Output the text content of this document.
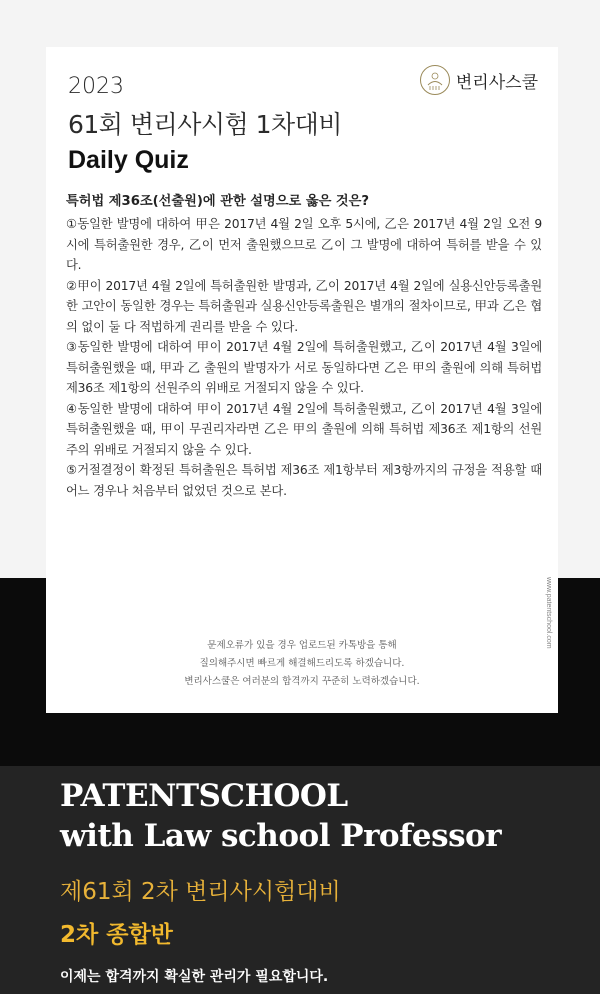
2023
61회 변리사시험 1차대비
Daily Quiz
변리사스쿨
특허법 제36조(선출원)에 관한 설명으로 옳은 것은?

①동일한 발명에 대하여 甲은 2017년 4월 2일 오후 5시에, 乙은 2017년 4월 2일 오전 9시에 특허출원한 경우, 乙이 먼저 출원했으므로 乙이 그 발명에 대하여 특허를 받을 수 있다.

②甲이 2017년 4월 2일에 특허출원한 발명과, 乙이 2017년 4월 2일에 실용신안등록출원한 고안이 동일한 경우는 특허출원과 실용신안등록출원은 별개의 절차이므로, 甲과 乙은 협의 없이 둘 다 적법하게 권리를 받을 수 있다.

③동일한 발명에 대하여 甲이 2017년 4월 2일에 특허출원했고, 乙이 2017년 4월 3일에 특허출원했을 때, 甲과 乙 출원의 발명자가 서로 동일하다면 乙은 甲의 출원에 의해 특허법 제36조 제1항의 선원주의 위배로 거절되지 않을 수 있다.

④동일한 발명에 대하여 甲이 2017년 4월 2일에 특허출원했고, 乙이 2017년 4월 3일에 특허출원했을 때, 甲이 무권리자라면 乙은 甲의 출원에 의해 특허법 제36조 제1항의 선원주의 위배로 거절되지 않을 수 있다.

⑤거절결정이 확정된 특허출원은 특허법 제36조 제1항부터 제3항까지의 규정을 적용할 때 어느 경우나 처음부터 없었던 것으로 본다.

www.patentschool.com
문제오류가 있을 경우 업로드된 카톡방을 통해
질의해주시면 빠르게 해결해드리도록 하겠습니다.
변리사스쿨은 여러분의 합격까지 꾸준히 노력하겠습니다.
PATENTSCHOOL
with Law school Professor
제61회 2차 변리사시험대비
2차 종합반
이제는 합격까지 확실한 관리가 필요합니다.
